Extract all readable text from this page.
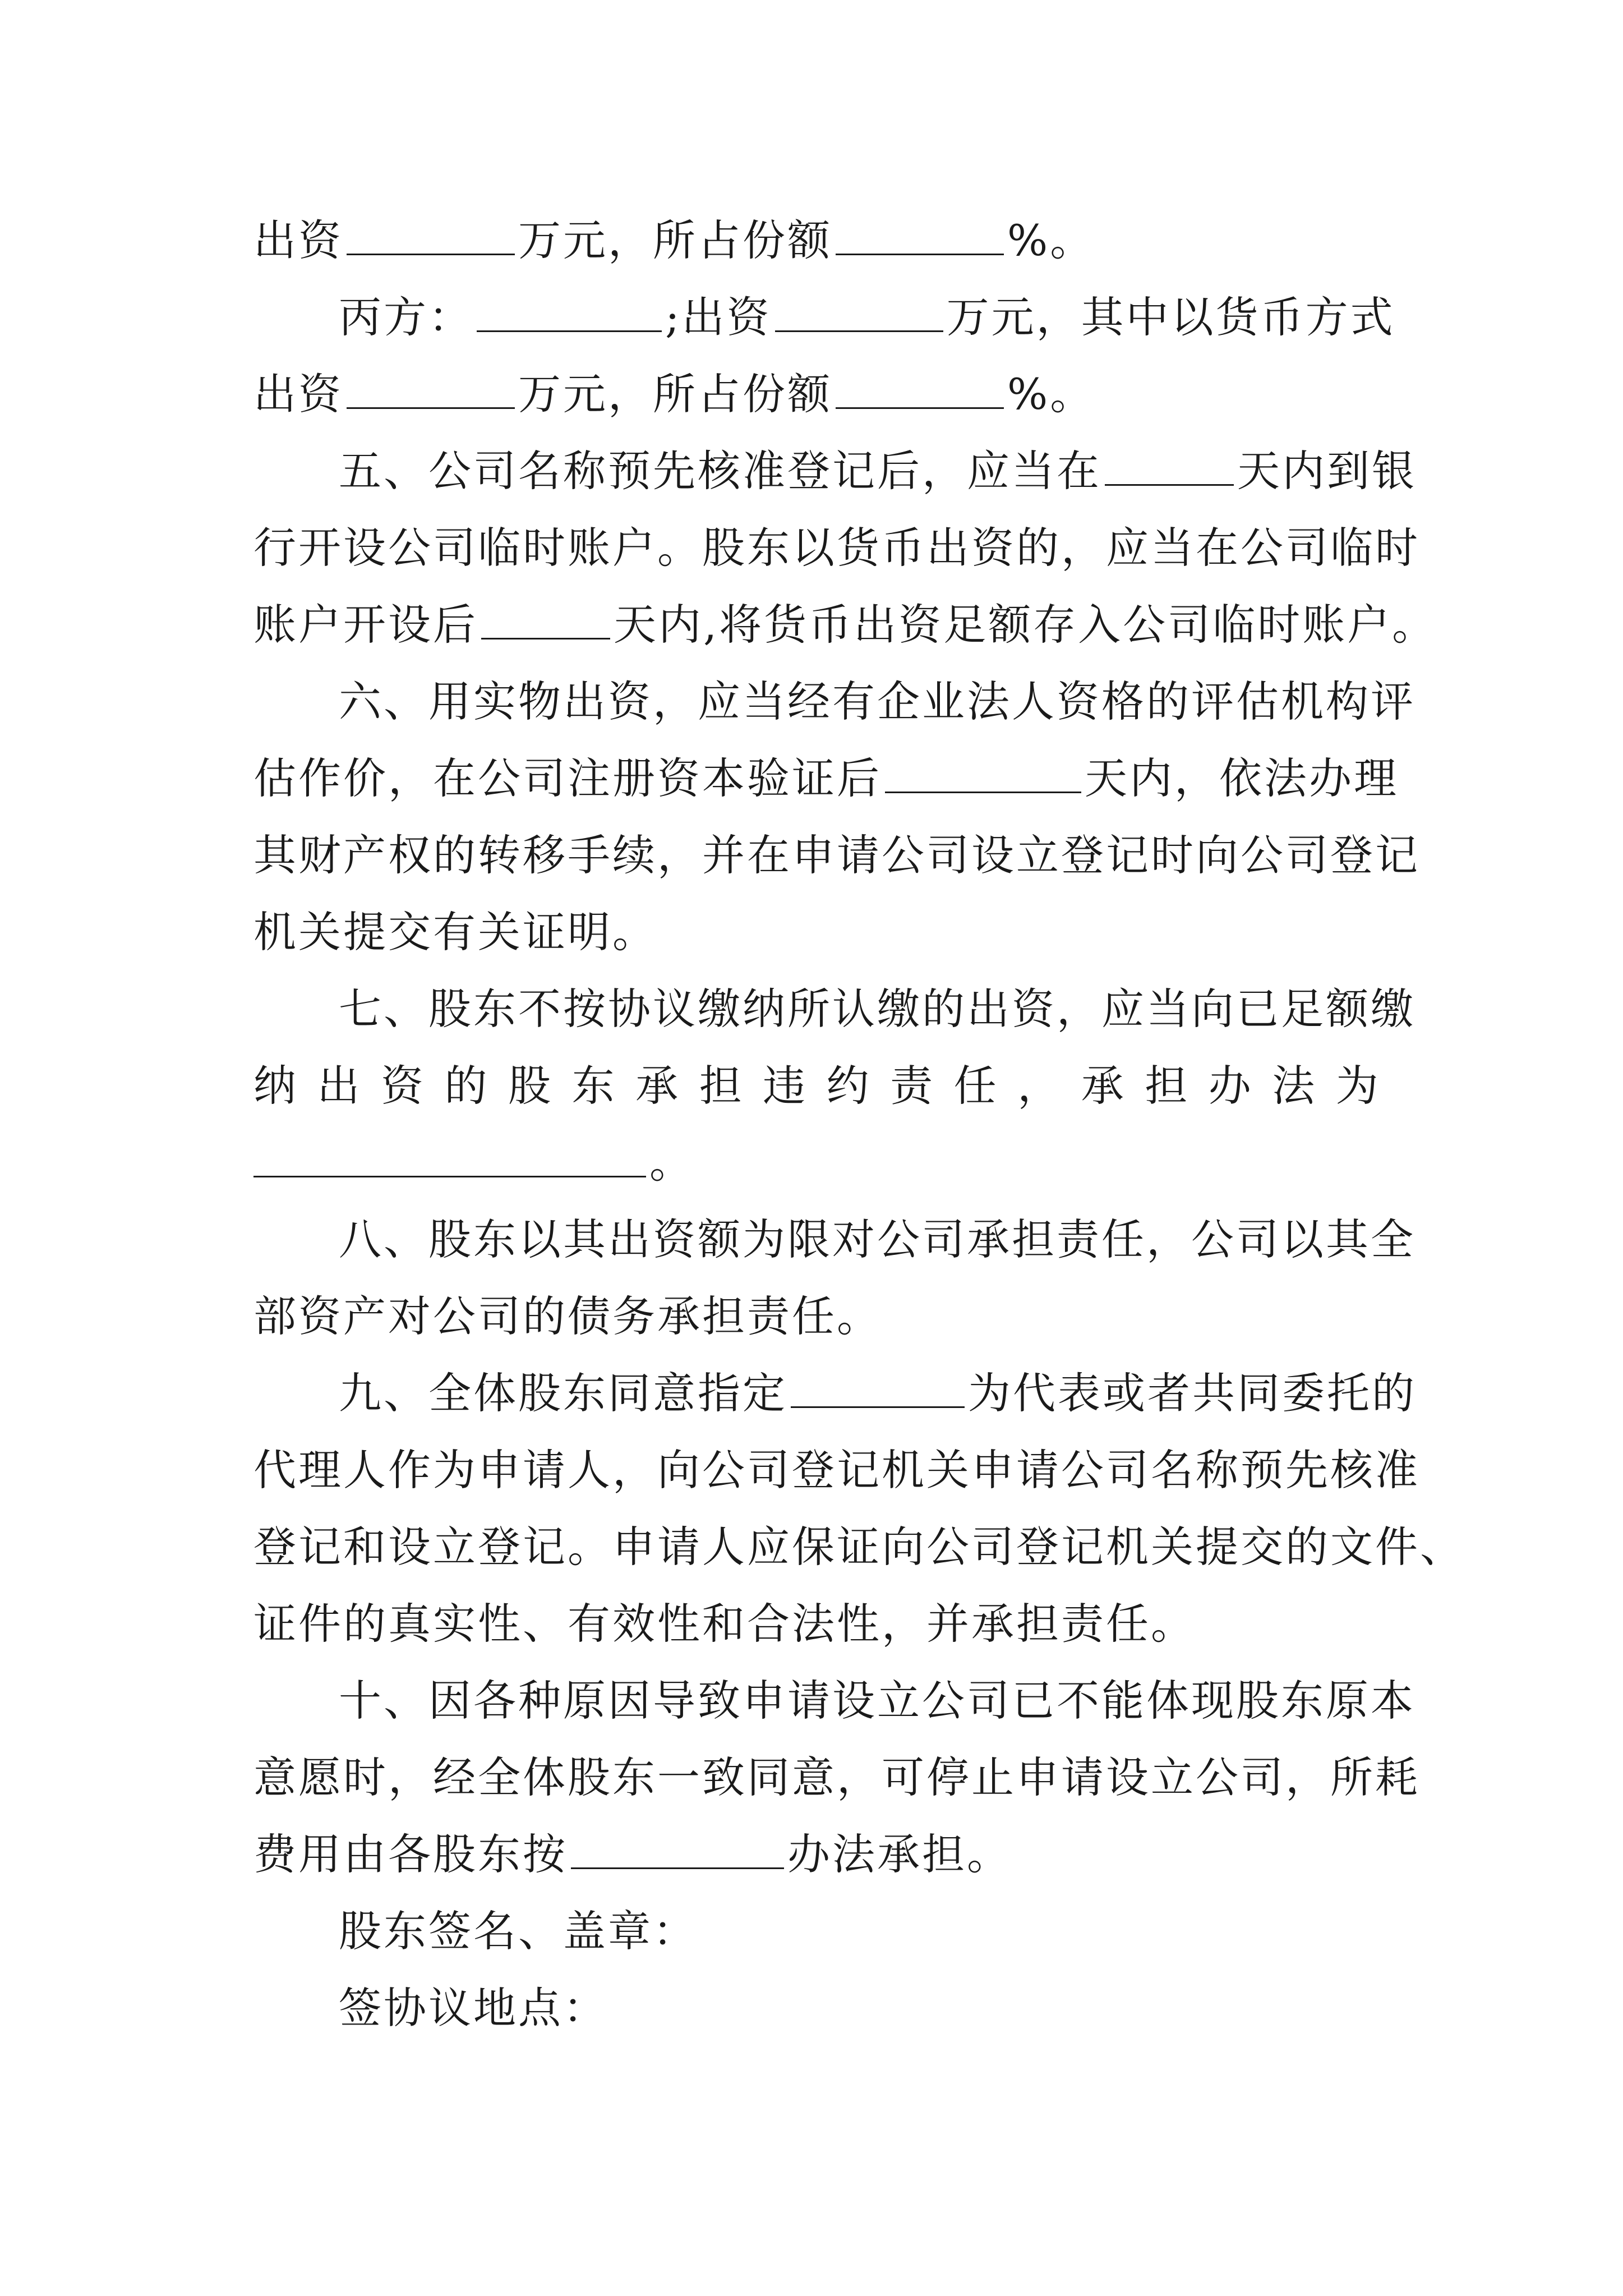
出资	万元，所占份额	%。
丙方：	;出资	万元，其中以货币方式
出资	万元，所占份额	%。
五、公司名称预先核准登记后，应当在	天内到银
行开设公司临时账户。股东以货币出资的，应当在公司临时
账户开设后	天内,将货币出资足额存入公司临时账户。
六、用实物出资，应当经有企业法人资格的评估机构评
估作价，在公司注册资本验证后	天内，依法办理
其财产权的转移手续，并在申请公司设立登记时向公司登记
机关提交有关证明。
七、股东不按协议缴纳所认缴的出资，应当向已足额缴
纳 出 资 的 股 东 承 担 违 约 责 任 ， 承 担 办 法 为
。
八、股东以其出资额为限对公司承担责任，公司以其全
部资产对公司的债务承担责任。
九、全体股东同意指定	为代表或者共同委托的
代理人作为申请人，向公司登记机关申请公司名称预先核准
登记和设立登记。申请人应保证向公司登记机关提交的文件、
证件的真实性、有效性和合法性，并承担责任。
十、因各种原因导致申请设立公司已不能体现股东原本
意愿时，经全体股东一致同意，可停止申请设立公司，所耗
费用由各股东按	办法承担。
股东签名、盖章：
签协议地点：
